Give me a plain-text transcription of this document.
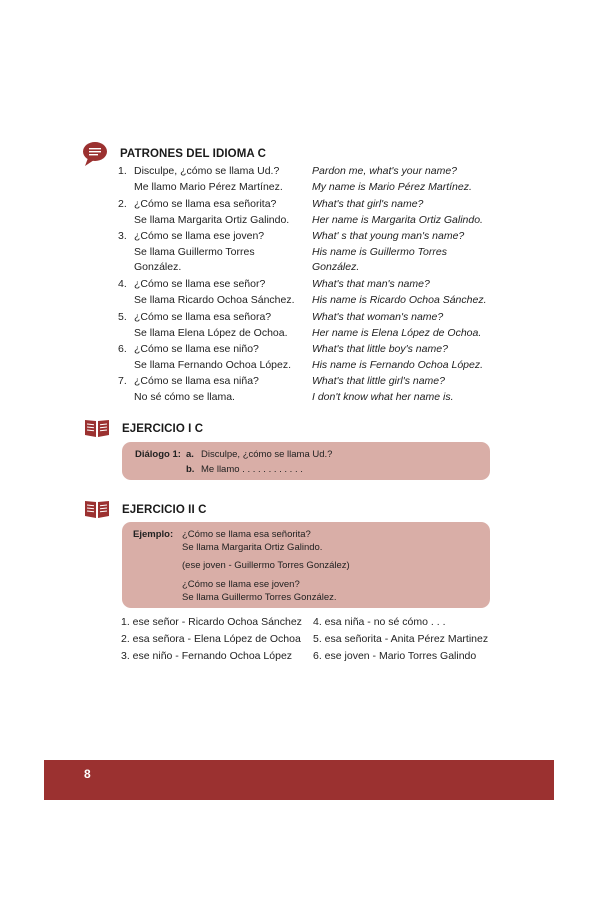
PATRONES DEL IDIOMA C
1. Disculpe, ¿cómo se llama Ud.?
Me llamo Mario Pérez Martínez.
Pardon me, what's your name?
My name is Mario Pérez Martínez.
2. ¿Cómo se llama esa señorita?
Se llama Margarita Ortiz Galindo.
What's that girl's name?
Her name is Margarita Ortiz Galindo.
3. ¿Cómo se llama ese joven?
Se llama Guillermo Torres
González.
What' s that young man's name?
His name is Guillermo Torres
González.
4. ¿Cómo se llama ese señor?
Se llama Ricardo Ochoa Sánchez.
What's that man's name?
His name is Ricardo Ochoa Sánchez.
5. ¿Cómo se llama esa señora?
Se llama Elena López de Ochoa.
What's that woman's name?
Her name is Elena López de Ochoa.
6. ¿Cómo se llama ese niño?
Se llama Fernando Ochoa López.
What's that little boy's name?
His name is Fernando Ochoa López.
7. ¿Cómo se llama esa niña?
No sé cómo se llama.
What's that little girl's name?
I don't know what her name is.
EJERCICIO I C
Diálogo 1: a. Disculpe, ¿cómo se llama Ud.?
b. Me llamo . . . . . . . . . . . .
EJERCICIO II C
Ejemplo: ¿Cómo se llama esa señorita?
Se llama Margarita Ortiz Galindo.
(ese joven - Guillermo Torres González)
¿Cómo se llama ese joven?
Se llama Guillermo Torres González.
1. ese señor - Ricardo Ochoa Sánchez
2. esa señora - Elena López de Ochoa
3. ese niño - Fernando Ochoa López
4. esa niña - no sé cómo . . .
5. esa señorita - Anita Pérez Martinez
6. ese joven - Mario Torres Galindo
8
